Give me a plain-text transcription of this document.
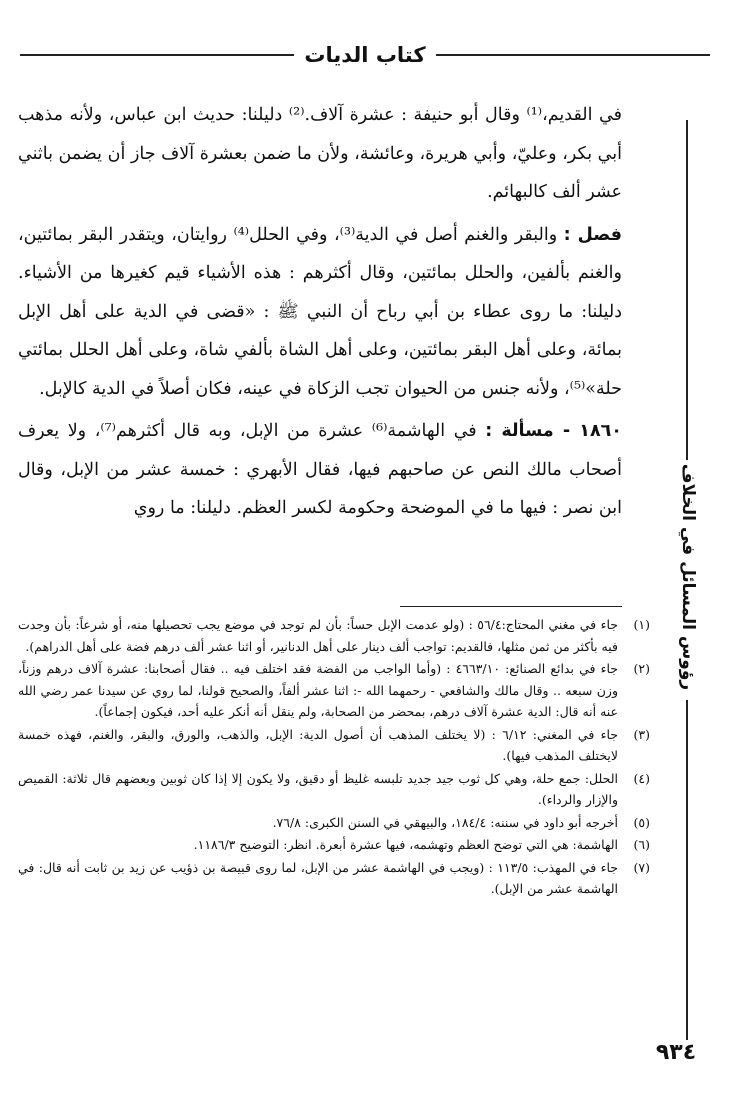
كتاب الديات
رؤوس المسائل في الخلاف

في القديم،⁽¹⁾ وقال أبو حنيفة : عشرة آلاف.⁽²⁾ دليلنا: حديث ابن عباس، ولأنه مذهب أبي بكر، وعليّ، وأبي هريرة، وعائشة، ولأن ما ضمن بعشرة آلاف جاز أن يضمن باثني عشر ألف كالبهائم.

فصل : والبقر والغنم أصل في الدية⁽³⁾، وفي الحلل⁽⁴⁾ روايتان، ويتقدر البقر بمائتين، والغنم بألفين، والحلل بمائتين، وقال أكثرهم : هذه الأشياء قيم كغيرها من الأشياء. دليلنا: ما روى عطاء بن أبي رباح أن النبي ﷺ : «قضى في الدية على أهل الإبل بمائة، وعلى أهل البقر بمائتين، وعلى أهل الشاة بألفي شاة، وعلى أهل الحلل بمائتي حلة»⁽⁵⁾، ولأنه جنس من الحيوان تجب الزكاة في عينه، فكان أصلاً في الدية كالإبل.

١٨٦٠ - مسألة : في الهاشمة⁽⁶⁾ عشرة من الإبل، وبه قال أكثرهم⁽⁷⁾، ولا يعرف أصحاب مالك النص عن صاحبهم فيها، فقال الأبهري : خمسة عشر من الإبل، وقال ابن نصر : فيها ما في الموضحة وحكومة لكسر العظم. دليلنا: ما روي

(١)
جاء في مغني المحتاج:٥٦/٤ : (ولو عدمت الإبل حساً: بأن لم توجد في موضع يجب تحصيلها منه، أو شرعاً: بأن وجدت فيه بأكثر من ثمن مثلها، فالقديم: تواجب ألف دينار على أهل الدنانير، أو اثنا عشر ألف درهم فضة على أهل الدراهم).
(٢)
جاء في بدائع الصنائع: ٤٦٦٣/١٠ : (وأما الواجب من الفضة فقد اختلف فيه .. فقال أصحابنا: عشرة آلاف درهم وزناً، وزن سبعه .. وقال مالك والشافعي - رحمهما الله -: اثنا عشر ألفاً، والصحيح قولنا، لما روي عن سيدنا عمر رضي الله عنه أنه قال: الدية عشرة آلاف درهم، بمحضر من الصحابة، ولم ينقل أنه أنكر عليه أحد، فيكون إجماعاً).
(٣)
جاء في المغني: ٦/١٢ : (لا يختلف المذهب أن أصول الدية: الإبل، والذهب، والورق، والبقر، والغنم، فهذه خمسة لايختلف المذهب فيها).
(٤)
الحلل: جمع حلة، وهي كل ثوب جيد جديد تلبسه غليظ أو دقيق، ولا يكون إلا إذا كان ثوبين وبعضهم قال ثلاثة: القميص والإزار والرداء).
(٥)
أخرجه أبو داود في سننه: ١٨٤/٤، والبيهقي في السنن الكبرى: ٧٦/٨.
(٦)
الهاشمة: هي التي توضح العظم وتهشمه، فيها عشرة أبعرة. انظر: التوضيح ١١٨٦/٣.
(٧)
جاء في المهذب: ١١٣/٥ : (ويجب في الهاشمة عشر من الإبل، لما روى قبيصة بن ذؤيب عن زيد بن ثابت أنه قال: في الهاشمة عشر من الإبل).
٩٣٤
